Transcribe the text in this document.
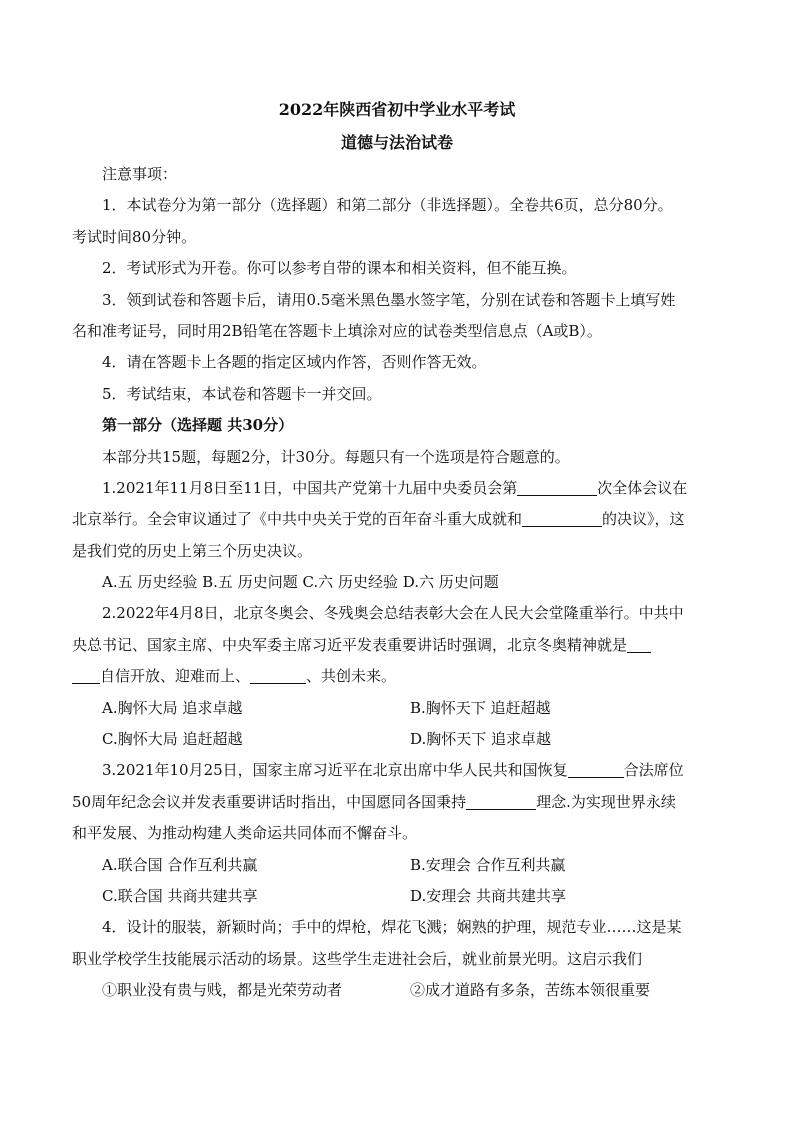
2022年陕西省初中学业水平考试
道德与法治试卷
注意事项：
1．本试卷分为第一部分（选择题）和第二部分（非选择题）。全卷共6页，总分80分。
考试时间80分钟。
2．考试形式为开卷。你可以参考自带的课本和相关资料，但不能互换。
3．领到试卷和答题卡后，请用0.5毫米黑色墨水签字笔，分别在试卷和答题卡上填写姓
名和准考证号，同时用2B铅笔在答题卡上填涂对应的试卷类型信息点（A或B）。
4．请在答题卡上各题的指定区域内作答，否则作答无效。
5．考试结束，本试卷和答题卡一并交回。
第一部分（选择题 共30分）
本部分共15题，每题2分，计30分。每题只有一个选项是符合题意的。
1.2021年11月8日至11日，中国共产党第十九届中央委员会第	次全体会议在
北京举行。全会审议通过了《中共中央关于党的百年奋斗重大成就和	的决议》，这
是我们党的历史上第三个历史决议。
A.五 历史经验 B.五 历史问题 C.六 历史经验 D.六 历史问题
2.2022年4月8日，北京冬奥会、冬残奥会总结表彰大会在人民大会堂隆重举行。中共中
央总书记、国家主席、中央军委主席习近平发表重要讲话时强调，北京冬奥精神就是
自信开放、迎难而上、	、共创未来。
A.胸怀大局 追求卓越	B.胸怀天下 追赶超越
C.胸怀大局 追赶超越	D.胸怀天下 追求卓越
3.2021年10月25日，国家主席习近平在北京出席中华人民共和国恢复	合法席位
50周年纪念会议并发表重要讲话时指出，中国愿同各国秉持	理念.为实现世界永续
和平发展、为推动构建人类命运共同体而不懈奋斗。
A.联合国 合作互利共赢	B.安理会 合作互利共赢
C.联合国 共商共建共享	D.安理会 共商共建共享
4．设计的服装，新颖时尚；手中的焊枪，焊花飞溅；娴熟的护理，规范专业……这是某
职业学校学生技能展示活动的场景。这些学生走进社会后，就业前景光明。这启示我们
①职业没有贵与贱，都是光荣劳动者	②成才道路有多条，苦练本领很重要
